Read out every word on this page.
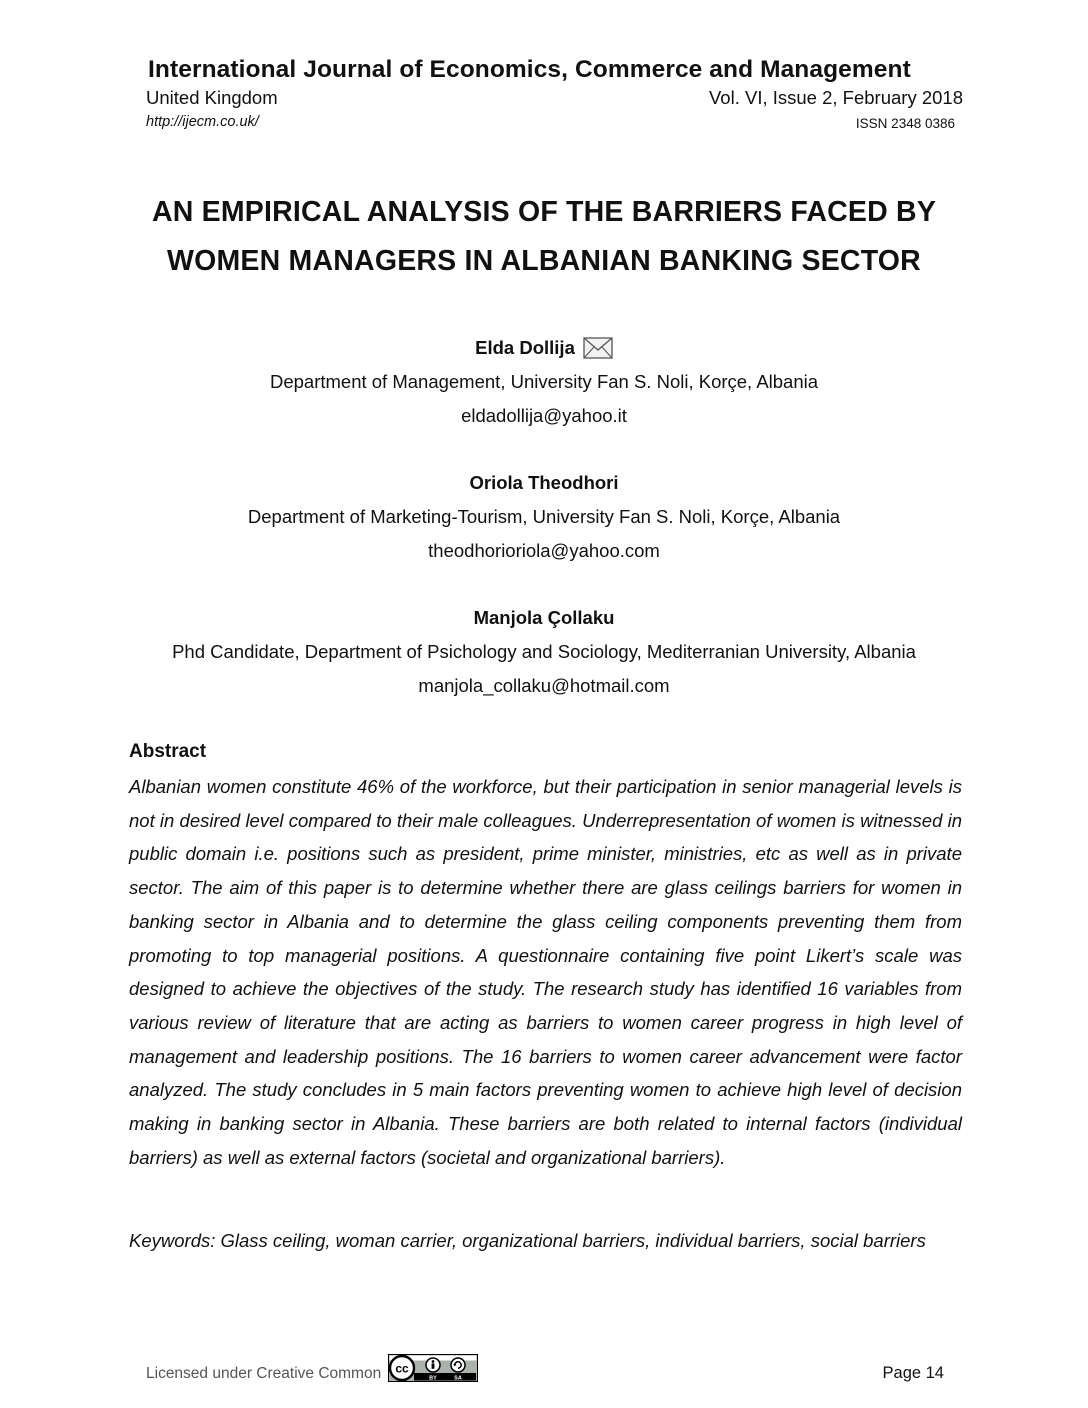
International Journal of Economics, Commerce and Management
United Kingdom	Vol. VI, Issue 2, February 2018
http://ijecm.co.uk/	ISSN 2348 0386
AN EMPIRICAL ANALYSIS OF THE BARRIERS FACED BY
WOMEN MANAGERS IN ALBANIAN BANKING SECTOR
Elda Dollija
Department of Management, University Fan S. Noli, Korçe, Albania
eldadollija@yahoo.it
Oriola Theodhori
Department of Marketing-Tourism, University Fan S. Noli, Korçe, Albania
theodhorioriola@yahoo.com
Manjola Çollaku
Phd Candidate, Department of Psichology and Sociology, Mediterranian University, Albania
manjola_collaku@hotmail.com
Abstract
Albanian women constitute 46% of the workforce, but their participation in senior managerial levels is not in desired level compared to their male colleagues. Underrepresentation of women is witnessed in public domain i.e. positions such as president, prime minister, ministries, etc as well as in private sector. The aim of this paper is to determine whether there are glass ceilings barriers for women in banking sector in Albania and to determine the glass ceiling components preventing them from promoting to top managerial positions. A questionnaire containing five point Likert’s scale was designed to achieve the objectives of the study. The research study has identified 16 variables from various review of literature that are acting as barriers to women career progress in high level of management and leadership positions. The 16 barriers to women career advancement were factor analyzed. The study concludes in 5 main factors preventing women to achieve high level of decision making in banking sector in Albania. These barriers are both related to internal factors (individual barriers) as well as external factors (societal and organizational barriers).
Keywords: Glass ceiling, woman carrier, organizational barriers, individual barriers, social barriers
Licensed under Creative Common cc
BY	SA	Page 14
